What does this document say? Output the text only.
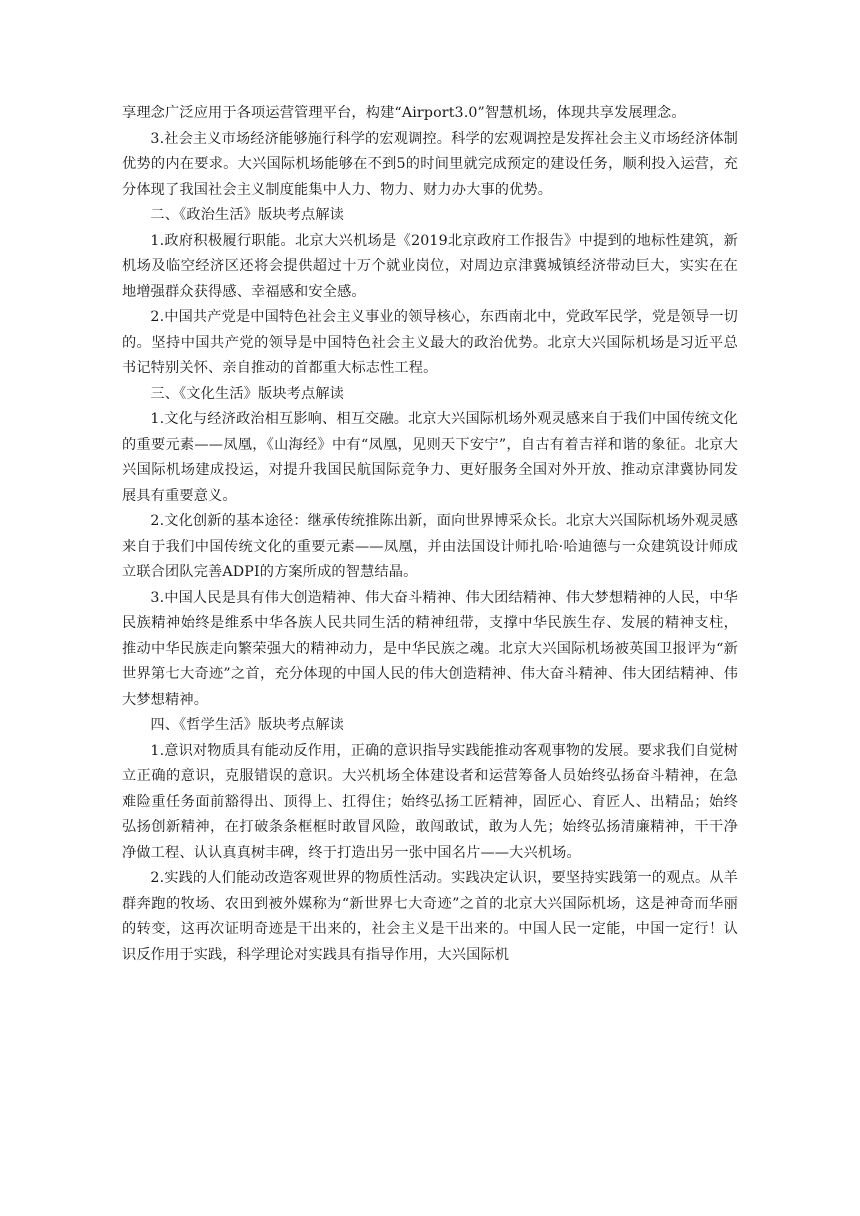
享理念广泛应用于各项运营管理平台，构建“Airport3.0”智慧机场，体现共享发展理念。

3.社会主义市场经济能够施行科学的宏观调控。科学的宏观调控是发挥社会主义市场经济体制优势的内在要求。大兴国际机场能够在不到5的时间里就完成预定的建设任务，顺利投入运营，充分体现了我国社会主义制度能集中人力、物力、财力办大事的优势。

二、《政治生活》版块考点解读

1.政府积极履行职能。北京大兴机场是《2019北京政府工作报告》中提到的地标性建筑，新机场及临空经济区还将会提供超过十万个就业岗位，对周边京津冀城镇经济带动巨大，实实在在地增强群众获得感、幸福感和安全感。

2.中国共产党是中国特色社会主义事业的领导核心，东西南北中，党政军民学，党是领导一切的。坚持中国共产党的领导是中国特色社会主义最大的政治优势。北京大兴国际机场是习近平总书记特别关怀、亲自推动的首都重大标志性工程。

三、《文化生活》版块考点解读

1.文化与经济政治相互影响、相互交融。北京大兴国际机场外观灵感来自于我们中国传统文化的重要元素——凤凰，《山海经》中有“凤凰，见则天下安宁”，自古有着吉祥和谐的象征。北京大兴国际机场建成投运，对提升我国民航国际竞争力、更好服务全国对外开放、推动京津冀协同发展具有重要意义。

2.文化创新的基本途径：继承传统推陈出新，面向世界博采众长。北京大兴国际机场外观灵感来自于我们中国传统文化的重要元素——凤凰，并由法国设计师扎哈·哈迪德与一众建筑设计师成立联合团队完善ADPI的方案所成的智慧结晶。

3.中国人民是具有伟大创造精神、伟大奋斗精神、伟大团结精神、伟大梦想精神的人民，中华民族精神始终是维系中华各族人民共同生活的精神纽带，支撑中华民族生存、发展的精神支柱，推动中华民族走向繁荣强大的精神动力，是中华民族之魂。北京大兴国际机场被英国卫报评为“新世界第七大奇迹”之首，充分体现的中国人民的伟大创造精神、伟大奋斗精神、伟大团结精神、伟大梦想精神。

四、《哲学生活》版块考点解读

1.意识对物质具有能动反作用，正确的意识指导实践能推动客观事物的发展。要求我们自觉树立正确的意识，克服错误的意识。大兴机场全体建设者和运营筹备人员始终弘扬奋斗精神，在急难险重任务面前豁得出、顶得上、扛得住；始终弘扬工匠精神，固匠心、育匠人、出精品；始终弘扬创新精神，在打破条条框框时敢冒风险，敢闯敢试，敢为人先；始终弘扬清廉精神，干干净净做工程、认认真真树丰碑，终于打造出另一张中国名片——大兴机场。

2.实践的人们能动改造客观世界的物质性活动。实践决定认识，要坚持实践第一的观点。从羊群奔跑的牧场、农田到被外媒称为“新世界七大奇迹”之首的北京大兴国际机场，这是神奇而华丽的转变，这再次证明奇迹是干出来的，社会主义是干出来的。中国人民一定能，中国一定行！认识反作用于实践，科学理论对实践具有指导作用，大兴国际机
